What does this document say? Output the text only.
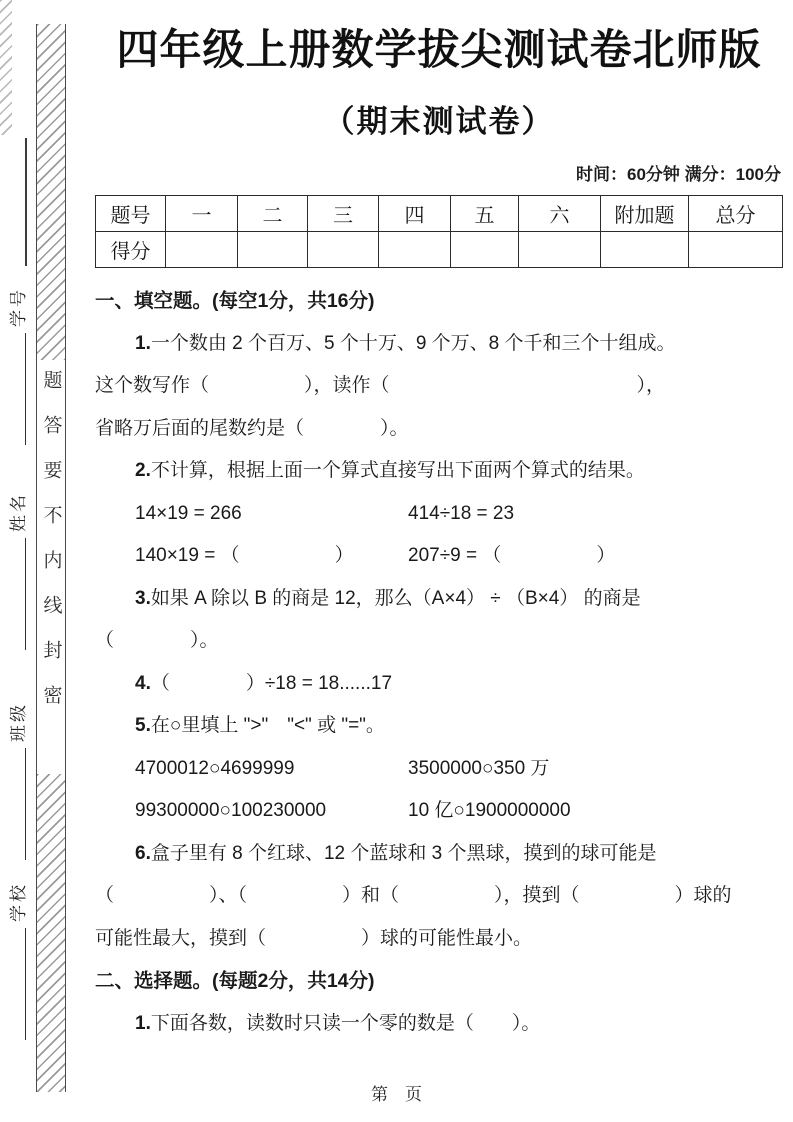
学号
姓名
班级
学校
题答要不内线封密
四年级上册数学拔尖测试卷北师版
（期末测试卷）
时间：60分钟 满分：100分
题号	一	二	三	四	五	六	附加题	总分
得分								
一、填空题。(每空1分，共16分)
1.一个数由 2 个百万、5 个十万、9 个万、8 个千和三个十组成。
这个数写作（　　　　　），读作（　　　　　　　　　　　　　），
省略万后面的尾数约是（　　　　）。
2.不计算，根据上面一个算式直接写出下面两个算式的结果。
14×19 = 266	414÷18 = 23
140×19 = （　　　　　）	207÷9 = （　　　　　）
3.如果 A 除以 B 的商是 12，那么（A×4） ÷ （B×4） 的商是
（　　　　）。
4.（　　　　）÷18 = 18......17
5.在○里填上 ">"　"<" 或 "="。
4700012○4699999	3500000○350 万
99300000○100230000	10 亿○1900000000
6.盒子里有 8 个红球、12 个蓝球和 3 个黑球，摸到的球可能是
（　　　　　）、（　　　　　）和（　　　　　），摸到（　　　　　）球的
可能性最大，摸到（　　　　　）球的可能性最小。
二、选择题。(每题2分，共14分)
1.下面各数，读数时只读一个零的数是（　　）。
第　页
